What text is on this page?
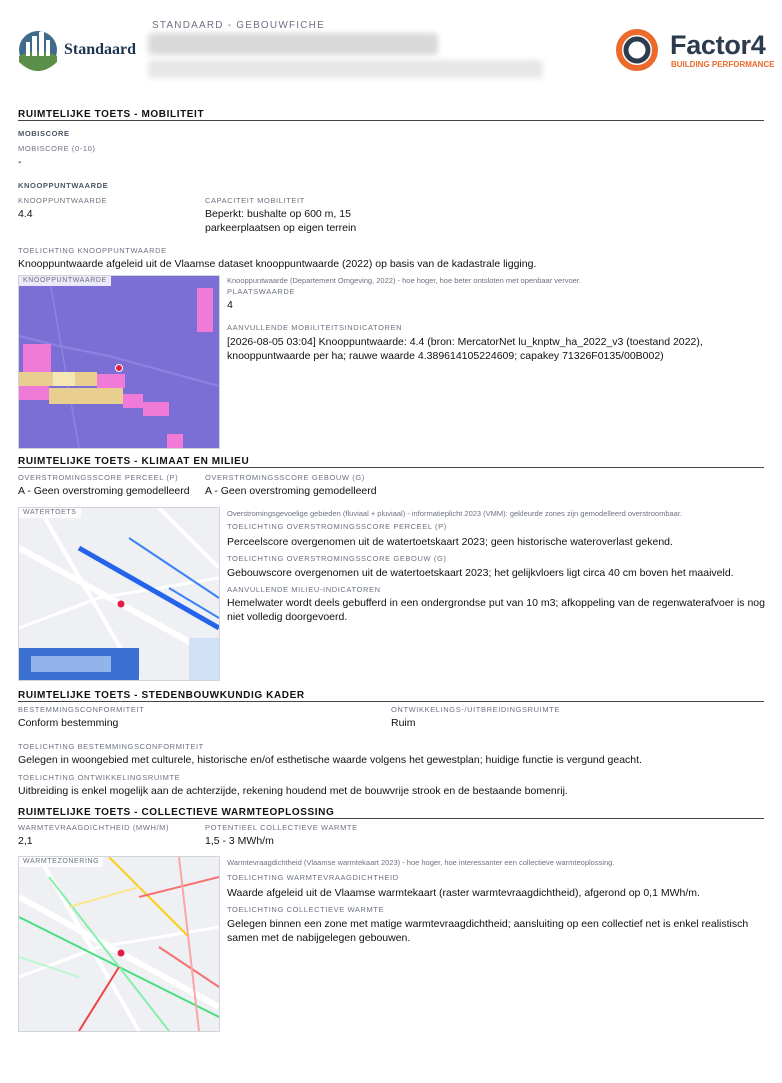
Standaard
STANDAARD - GEBOUWFICHE
Factor4
BUILDING PERFORMANCE
RUIMTELIJKE TOETS - MOBILITEIT
MOBISCORE
MOBISCORE (0-10)
-
KNOOPPUNTWAARDE
KNOOPPUNTWAARDE
4.4
CAPACITEIT MOBILITEIT
Beperkt: bushalte op 600 m, 15 parkeerplaatsen op eigen terrein
TOELICHTING KNOOPPUNTWAARDE
Knooppuntwaarde afgeleid uit de Vlaamse dataset knooppuntwaarde (2022) op basis van de kadastrale ligging.
KNOOPPUNTWAARDE	Knooppuntwaarde (Departement Omgeving, 2022) - hoe hoger, hoe beter ontsloten met openbaar vervoer.
PLAATSWAARDE
4
AANVULLENDE MOBILITEITSINDICATOREN
[2026-08-05 03:04] Knooppuntwaarde: 4.4 (bron: MercatorNet lu_knptw_ha_2022_v3 (toestand 2022), knooppuntwaarde per ha; rauwe waarde 4.389614105224609; capakey 71326F0135/00B002)
RUIMTELIJKE TOETS - KLIMAAT EN MILIEU
OVERSTROMINGSSCORE PERCEEL (P)
A - Geen overstroming gemodelleerd
OVERSTROMINGSSCORE GEBOUW (G)
A - Geen overstroming gemodelleerd
WATERTOETS	Overstromingsgevoelige gebieden (fluviaal + pluviaal) - informatieplicht 2023 (VMM): gekleurde zones zijn gemodelleerd overstroombaar.
TOELICHTING OVERSTROMINGSSCORE PERCEEL (P)
Perceelscore overgenomen uit de watertoetskaart 2023; geen historische wateroverlast gekend.
TOELICHTING OVERSTROMINGSSCORE GEBOUW (G)
Gebouwscore overgenomen uit de watertoetskaart 2023; het gelijkvloers ligt circa 40 cm boven het maaiveld.
AANVULLENDE MILIEU-INDICATOREN
Hemelwater wordt deels gebufferd in een ondergrondse put van 10 m3; afkoppeling van de regenwaterafvoer is nog niet volledig doorgevoerd.
RUIMTELIJKE TOETS - STEDENBOUWKUNDIG KADER
BESTEMMINGSCONFORMITEIT
Conform bestemming
ONTWIKKELINGS-/UITBREIDINGSRUIMTE
Ruim
TOELICHTING BESTEMMINGSCONFORMITEIT
Gelegen in woongebied met culturele, historische en/of esthetische waarde volgens het gewestplan; huidige functie is vergund geacht.
TOELICHTING ONTWIKKELINGSRUIMTE
Uitbreiding is enkel mogelijk aan de achterzijde, rekening houdend met de bouwvrije strook en de bestaande bomenrij.
RUIMTELIJKE TOETS - COLLECTIEVE WARMTEOPLOSSING
WARMTEVRAAGDICHTHEID (MWH/M)
2,1
POTENTIEEL COLLECTIEVE WARMTE
1,5 - 3 MWh/m
WARMTEZONERING	Warmtevraagdichtheid (Vlaamse warmtekaart 2023) - hoe hoger, hoe interessanter een collectieve warmteoplossing.
TOELICHTING WARMTEVRAAGDICHTHEID
Waarde afgeleid uit de Vlaamse warmtekaart (raster warmtevraagdichtheid), afgerond op 0,1 MWh/m.
TOELICHTING COLLECTIEVE WARMTE
Gelegen binnen een zone met matige warmtevraagdichtheid; aansluiting op een collectief net is enkel realistisch samen met de nabijgelegen gebouwen.
